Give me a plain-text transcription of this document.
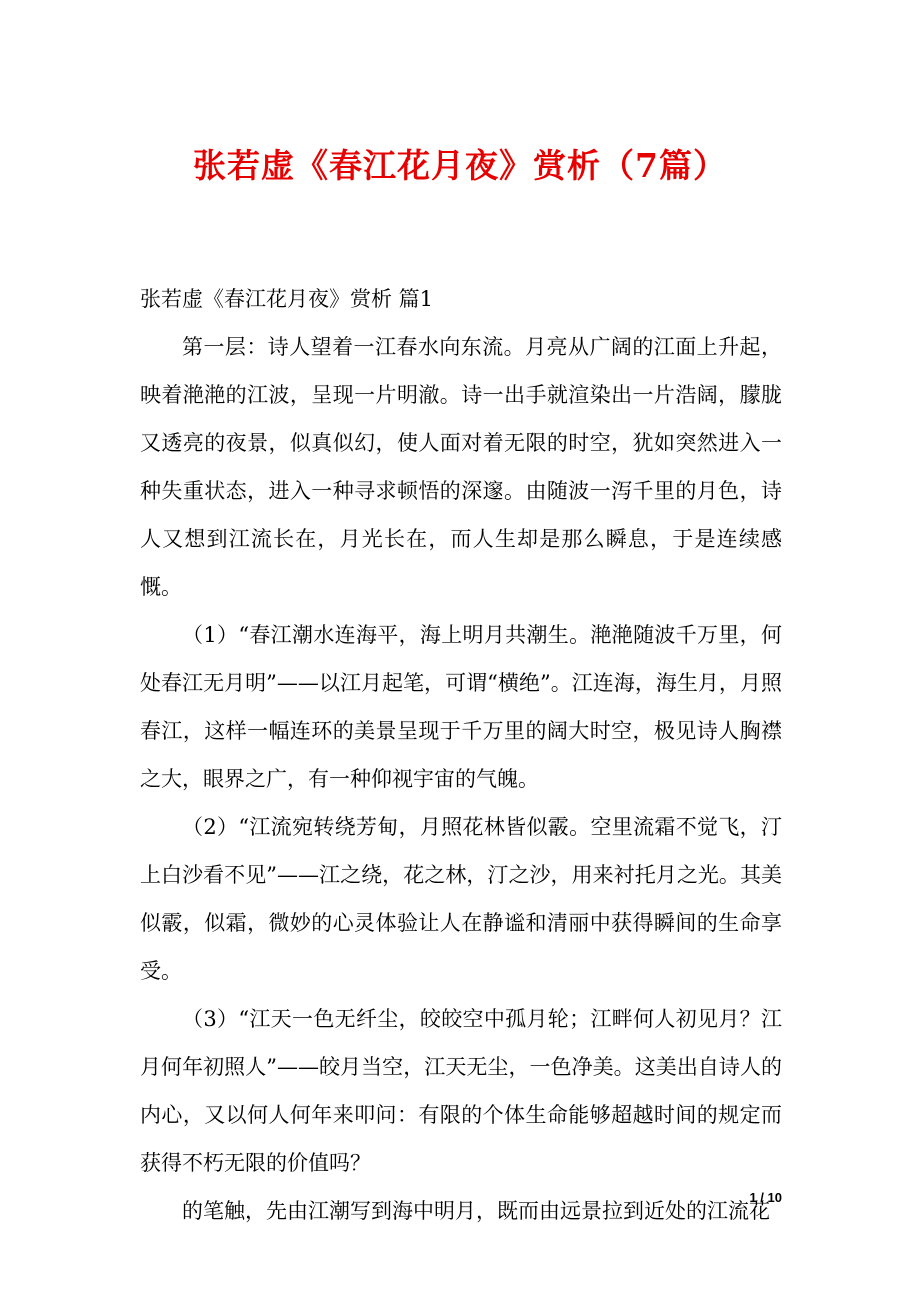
张若虚《春江花月夜》赏析（7篇）

张若虚《春江花月夜》赏析 篇1

第一层：诗人望着一江春水向东流。月亮从广阔的江面上升起，映着滟滟的江波，呈现一片明澈。诗一出手就渲染出一片浩阔，朦胧又透亮的夜景，似真似幻，使人面对着无限的时空，犹如突然进入一种失重状态，进入一种寻求顿悟的深邃。由随波一泻千里的月色，诗人又想到江流长在，月光长在，而人生却是那么瞬息，于是连续感慨。

（1）“春江潮水连海平，海上明月共潮生。滟滟随波千万里，何处春江无月明”——以江月起笔，可谓“横绝”。江连海，海生月，月照春江，这样一幅连环的美景呈现于千万里的阔大时空，极见诗人胸襟之大，眼界之广，有一种仰视宇宙的气魄。

（2）“江流宛转绕芳甸，月照花林皆似霰。空里流霜不觉飞，汀上白沙看不见”——江之绕，花之林，汀之沙，用来衬托月之光。其美似霰，似霜，微妙的心灵体验让人在静谧和清丽中获得瞬间的生命享受。

（3）“江天一色无纤尘，皎皎空中孤月轮；江畔何人初见月？江月何年初照人”——皎月当空，江天无尘，一色净美。这美出自诗人的内心，又以何人何年来叩问：有限的个体生命能够超越时间的规定而获得不朽无限的价值吗？

的笔触，先由江潮写到海中明月，既而由远景拉到近处的江流花

1 / 10
